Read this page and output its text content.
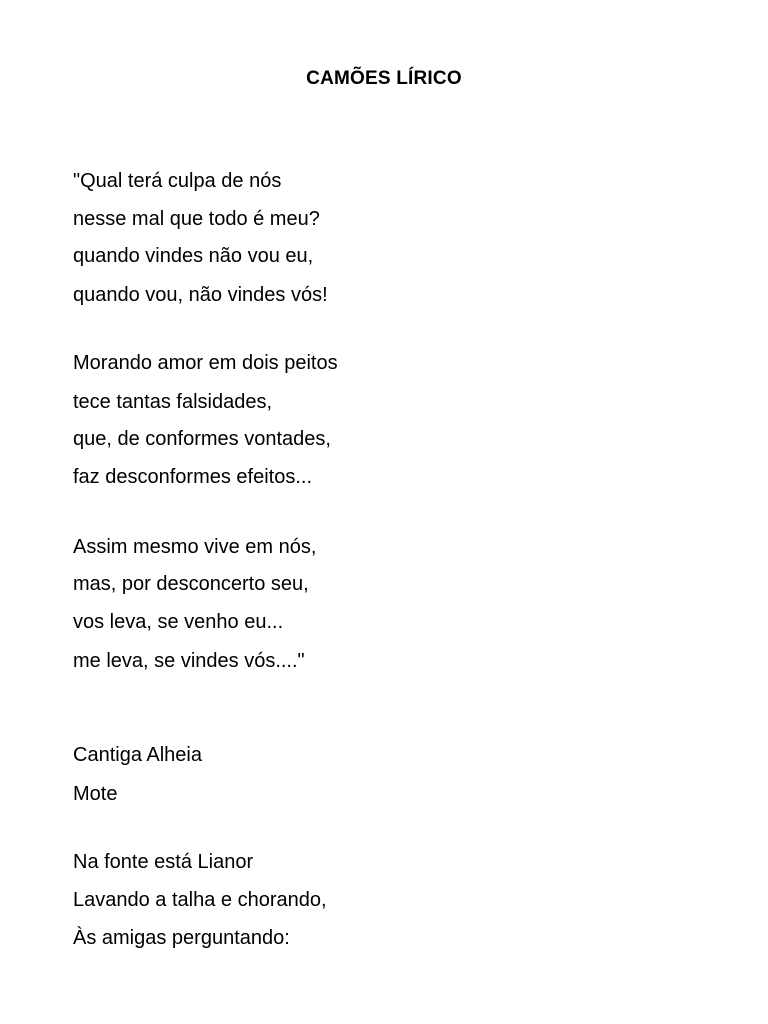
CAMÕES LÍRICO
"Qual terá culpa de nós
nesse mal que todo é meu?
quando vindes não vou eu,
quando vou, não vindes vós!
Morando amor em dois peitos
tece tantas falsidades,
que, de conformes vontades,
faz desconformes efeitos...
Assim mesmo vive em nós,
mas, por desconcerto seu,
vos leva, se venho eu...
me leva, se vindes vós...."
Cantiga Alheia
Mote
Na fonte está Lianor
Lavando a talha e chorando,
Às amigas perguntando:
